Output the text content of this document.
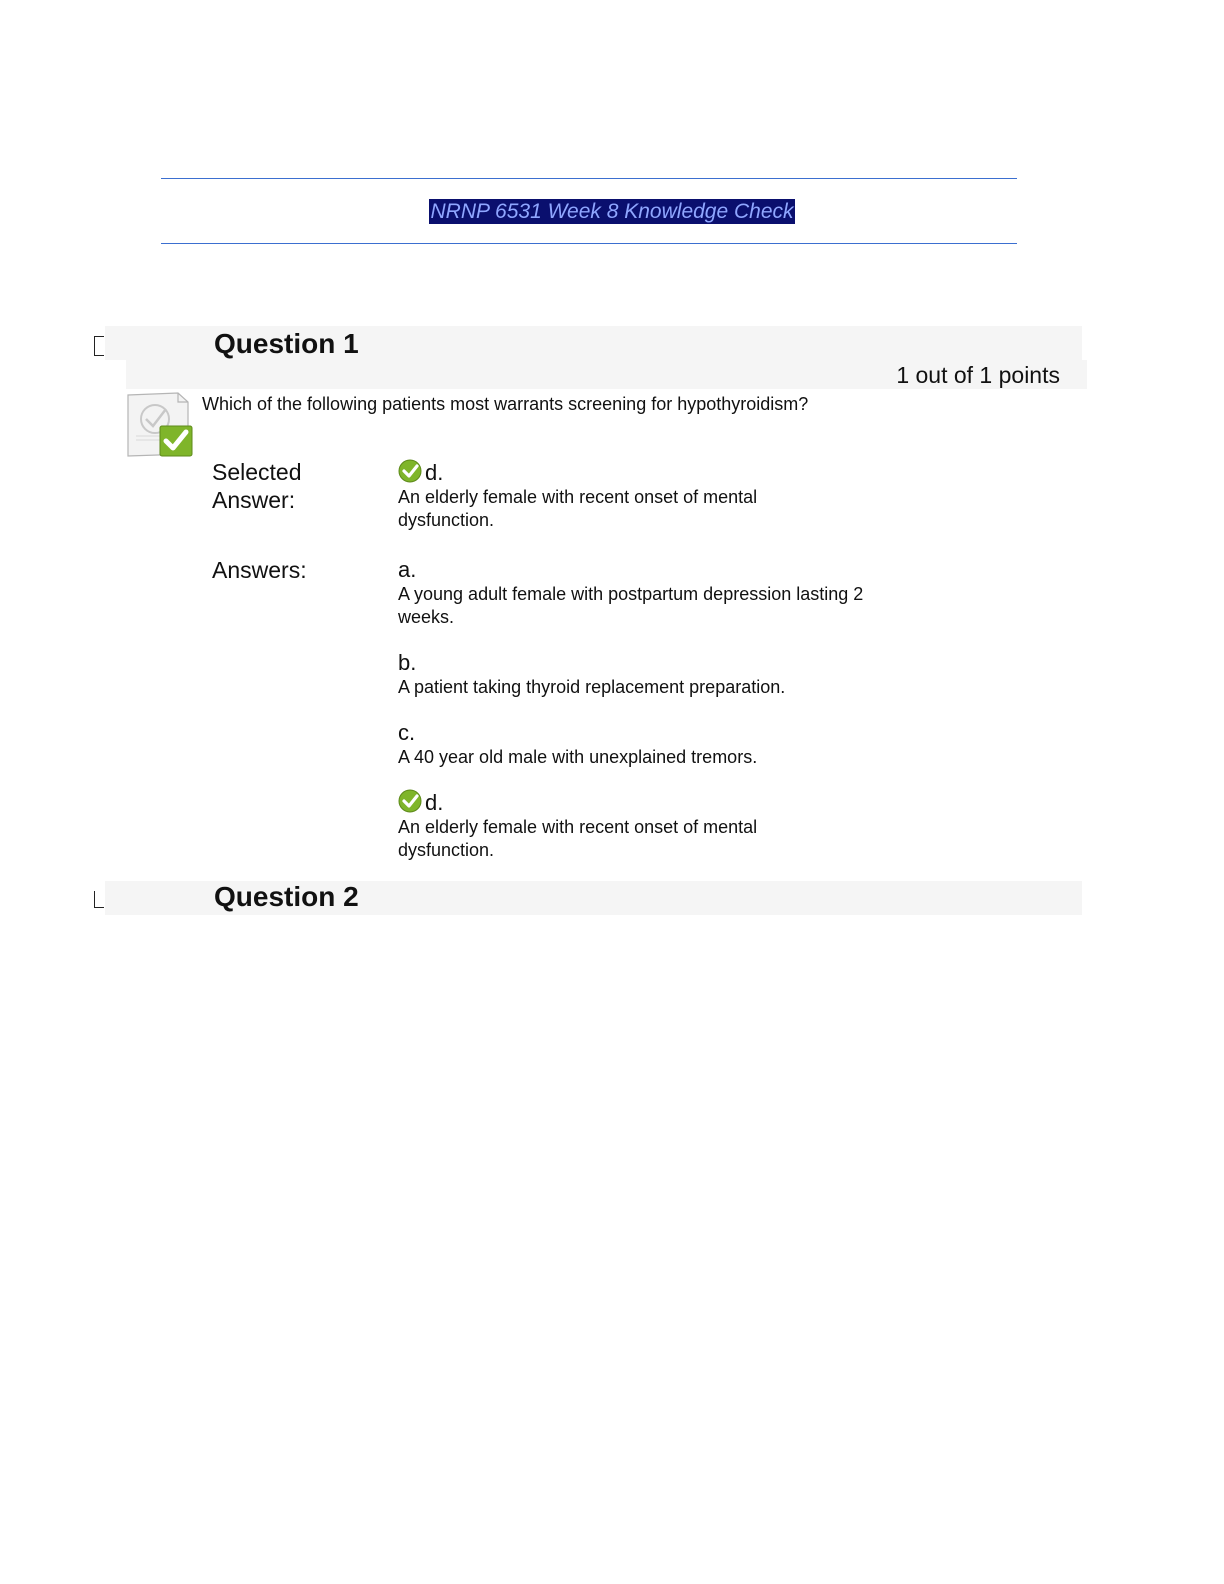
NRNP 6531 Week 8 Knowledge Check
Question 1
1 out of 1 points
Which of the following patients most warrants screening for hypothyroidism?
Selected Answer:
d.
An elderly female with recent onset of mental dysfunction.
Answers:	a.
A young adult female with postpartum depression lasting 2 weeks.
b.
A patient taking thyroid replacement preparation.
c.
A 40 year old male with unexplained tremors.
d.
An elderly female with recent onset of mental dysfunction.
Question 2
